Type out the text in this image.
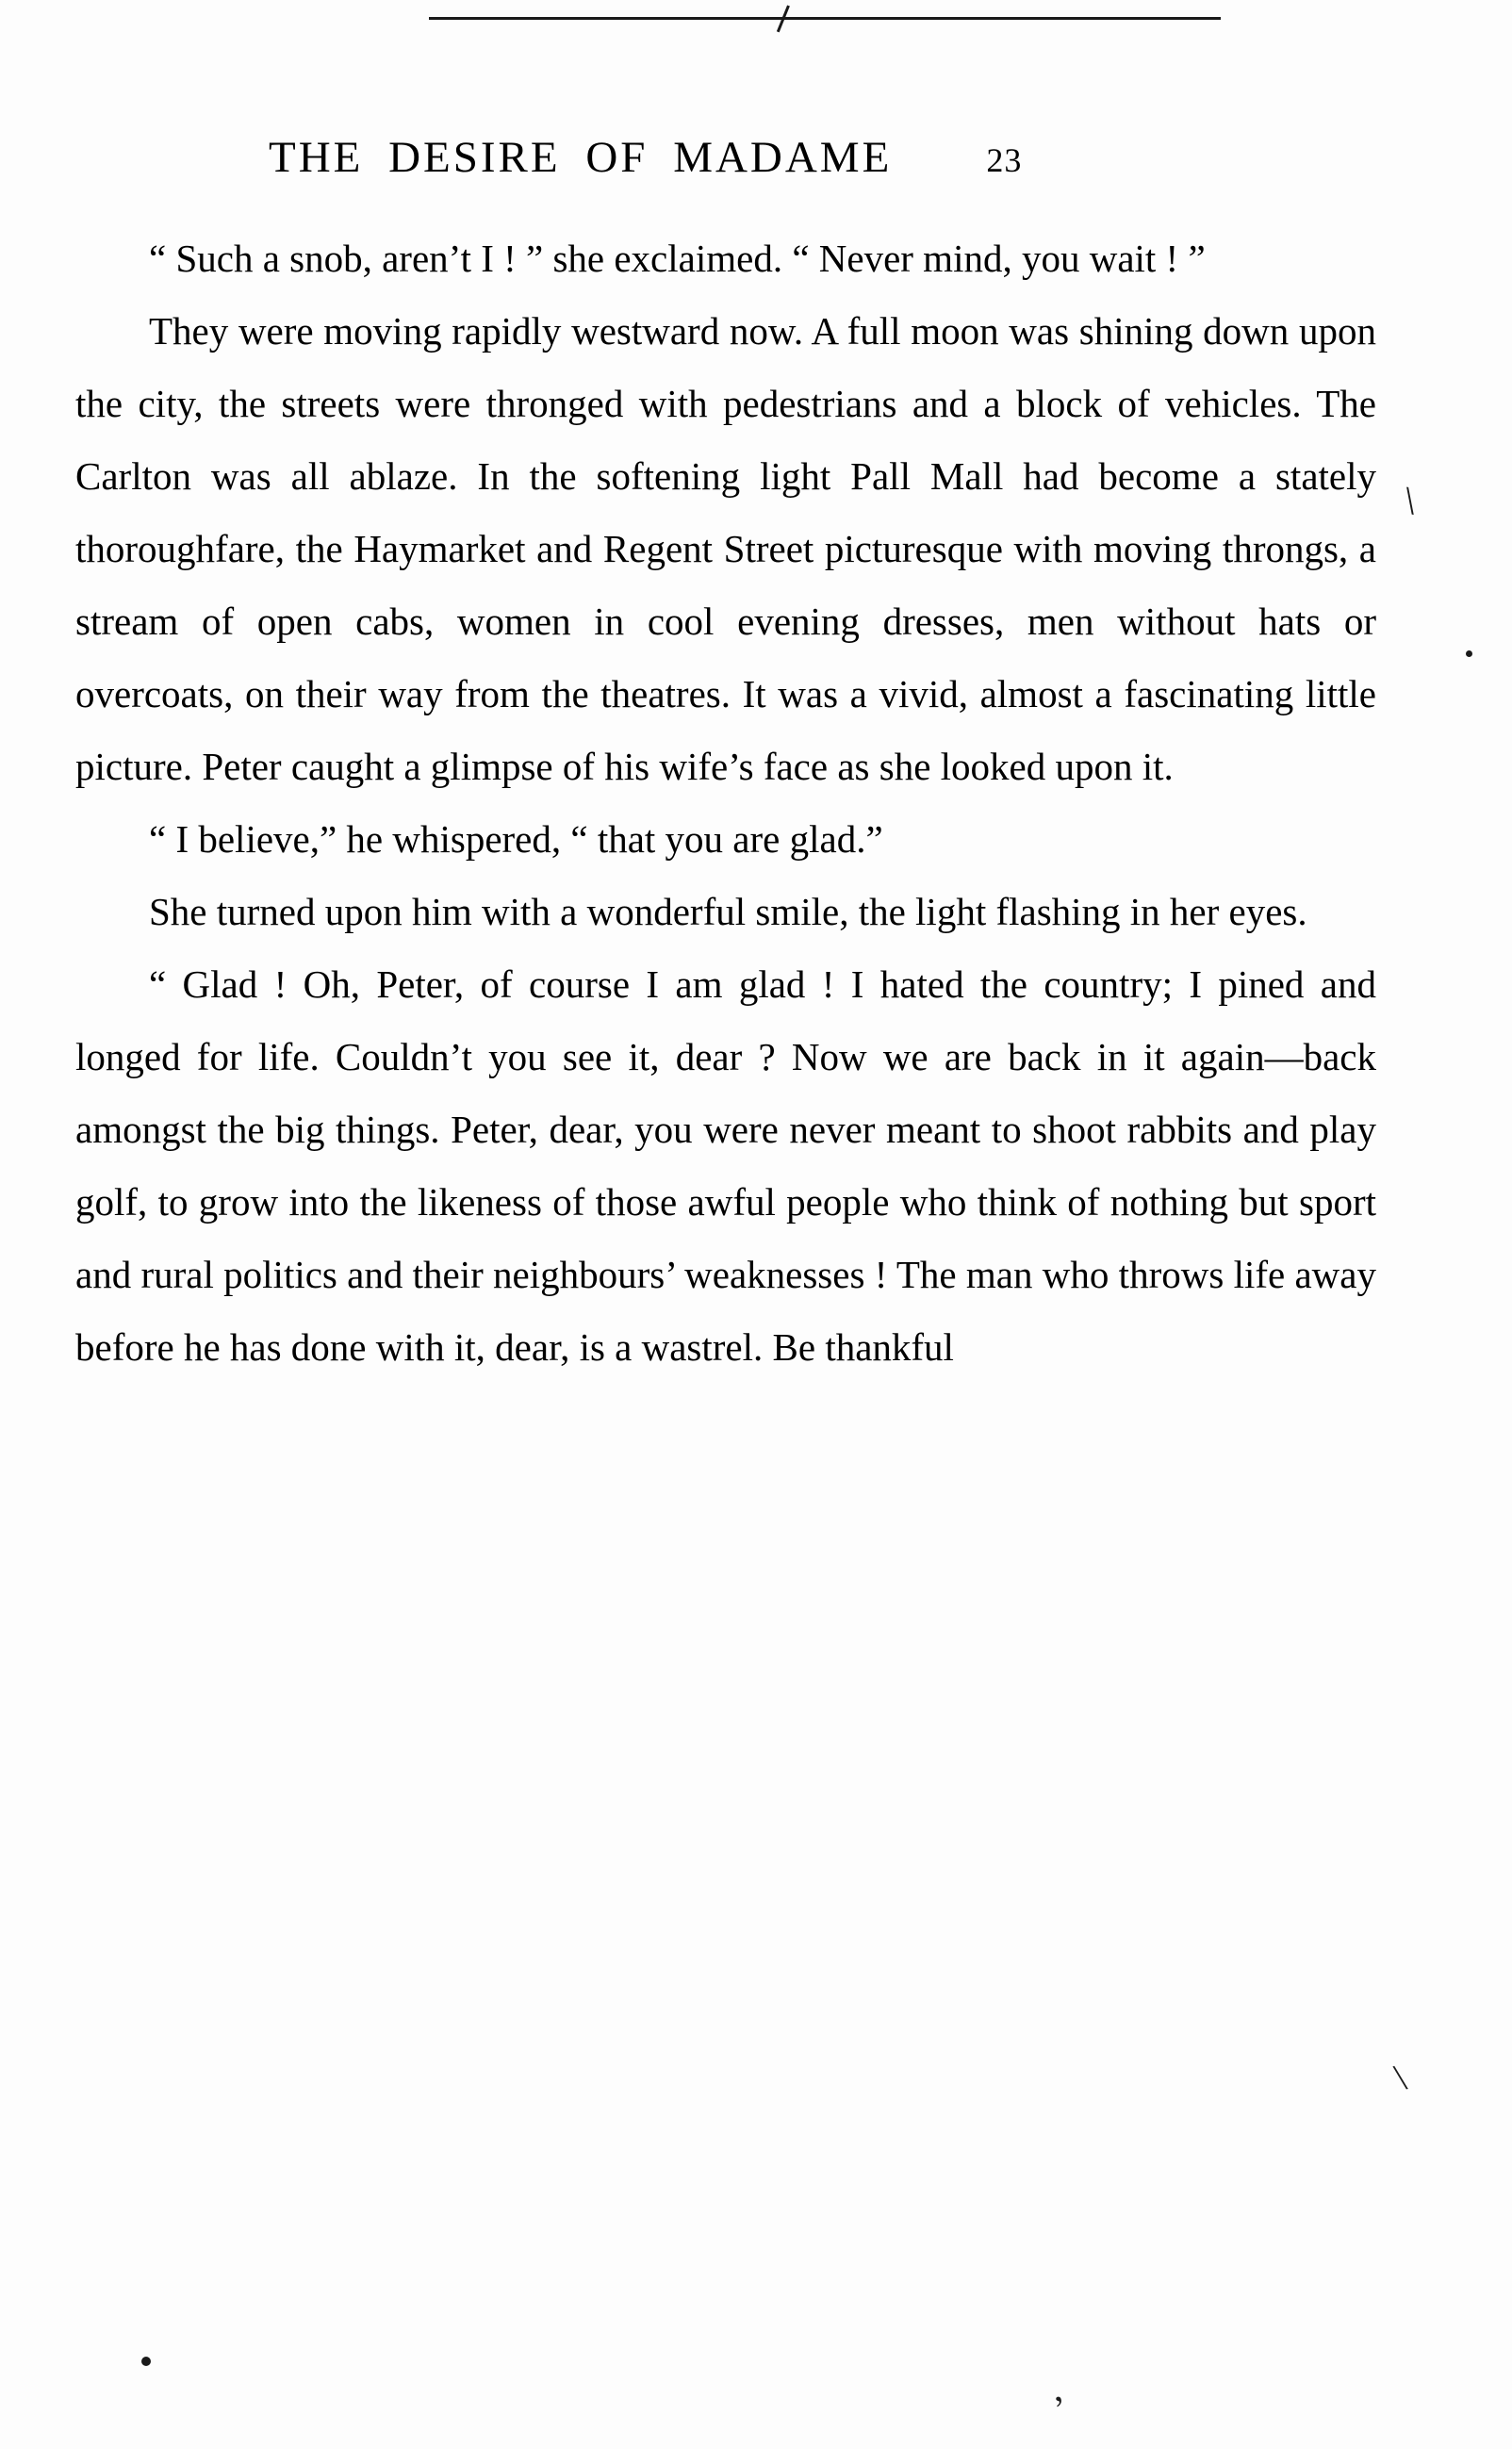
THE DESIRE OF MADAME	23

“ Such a snob, aren’t I ! ” she exclaimed. “ Never mind, you wait ! ”

They were moving rapidly westward now. A full moon was shining down upon the city, the streets were thronged with pedestrians and a block of vehicles. The Carlton was all ablaze. In the softening light Pall Mall had become a stately thoroughfare, the Haymarket and Regent Street picturesque with moving throngs, a stream of open cabs, women in cool evening dresses, men without hats or overcoats, on their way from the theatres. It was a vivid, almost a fascinating little picture. Peter caught a glimpse of his wife’s face as she looked upon it.

“ I believe,” he whispered, “ that you are glad.”

She turned upon him with a wonderful smile, the light flashing in her eyes.

“ Glad ! Oh, Peter, of course I am glad ! I hated the country; I pined and longed for life. Couldn’t you see it, dear ? Now we are back in it again—back amongst the big things. Peter, dear, you were never meant to shoot rabbits and play golf, to grow into the likeness of those awful people who think of nothing but sport and rural politics and their neighbours’ weaknesses ! The man who throws life away before he has done with it, dear, is a wastrel. Be thankful

\
\
,
